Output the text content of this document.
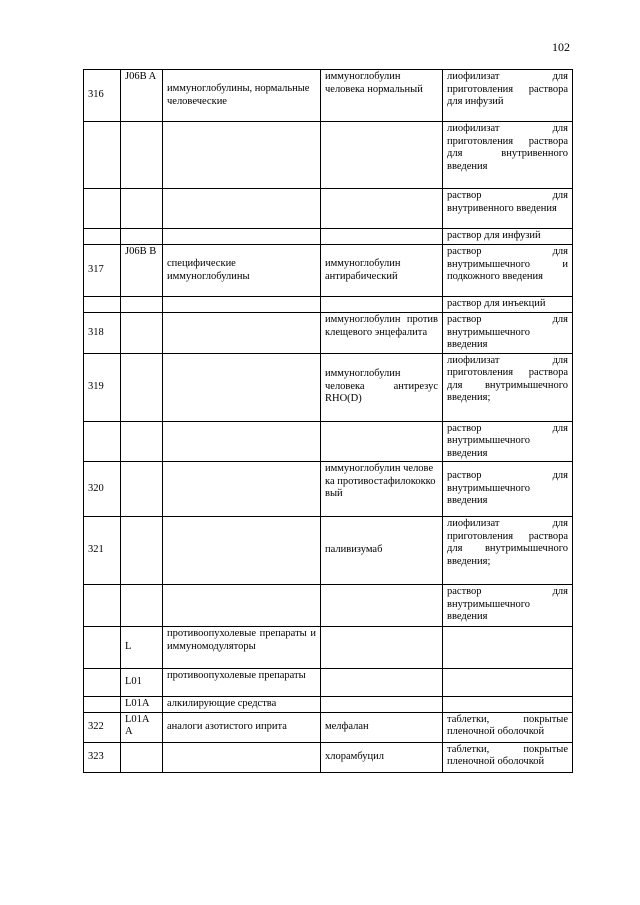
102
316	J06B A	иммуноглобулины, нормальные человеческие	иммуноглобулин человека нормальный	лиофилизат для приготовления раствора для инфузий
				лиофилизат для приготовления раствора для внутривенного введения
				раствор для внутривенного введения
				раствор для инфузий
317	J06B B	специфические иммуноглобулины	иммуноглобулин антирабический	раствор для внутримышечного и подкожного введения
				раствор для инъекций
318			иммуноглобулин против клещевого энцефалита	раствор для внутримышечного введения
319			иммуноглобулин человека антирезус RHO(D)	лиофилизат для приготовления раствора для внутримышечного введения;
				раствор для внутримышечного введения
320			иммуноглобулин человека противостафилококковый	раствор для внутримышечного введения
321			паливизумаб	лиофилизат для приготовления раствора для внутримышечного введения;
				раствор для внутримышечного введения
	L	противоопухолевые препараты и иммуномодуляторы		
	L01	противоопухолевые препараты		
	L01A	алкилирующие средства		
322	L01A A	аналоги азотистого иприта	мелфалан	таблетки, покрытые пленочной оболочкой
323			хлорамбуцил	таблетки, покрытые пленочной оболочкой
